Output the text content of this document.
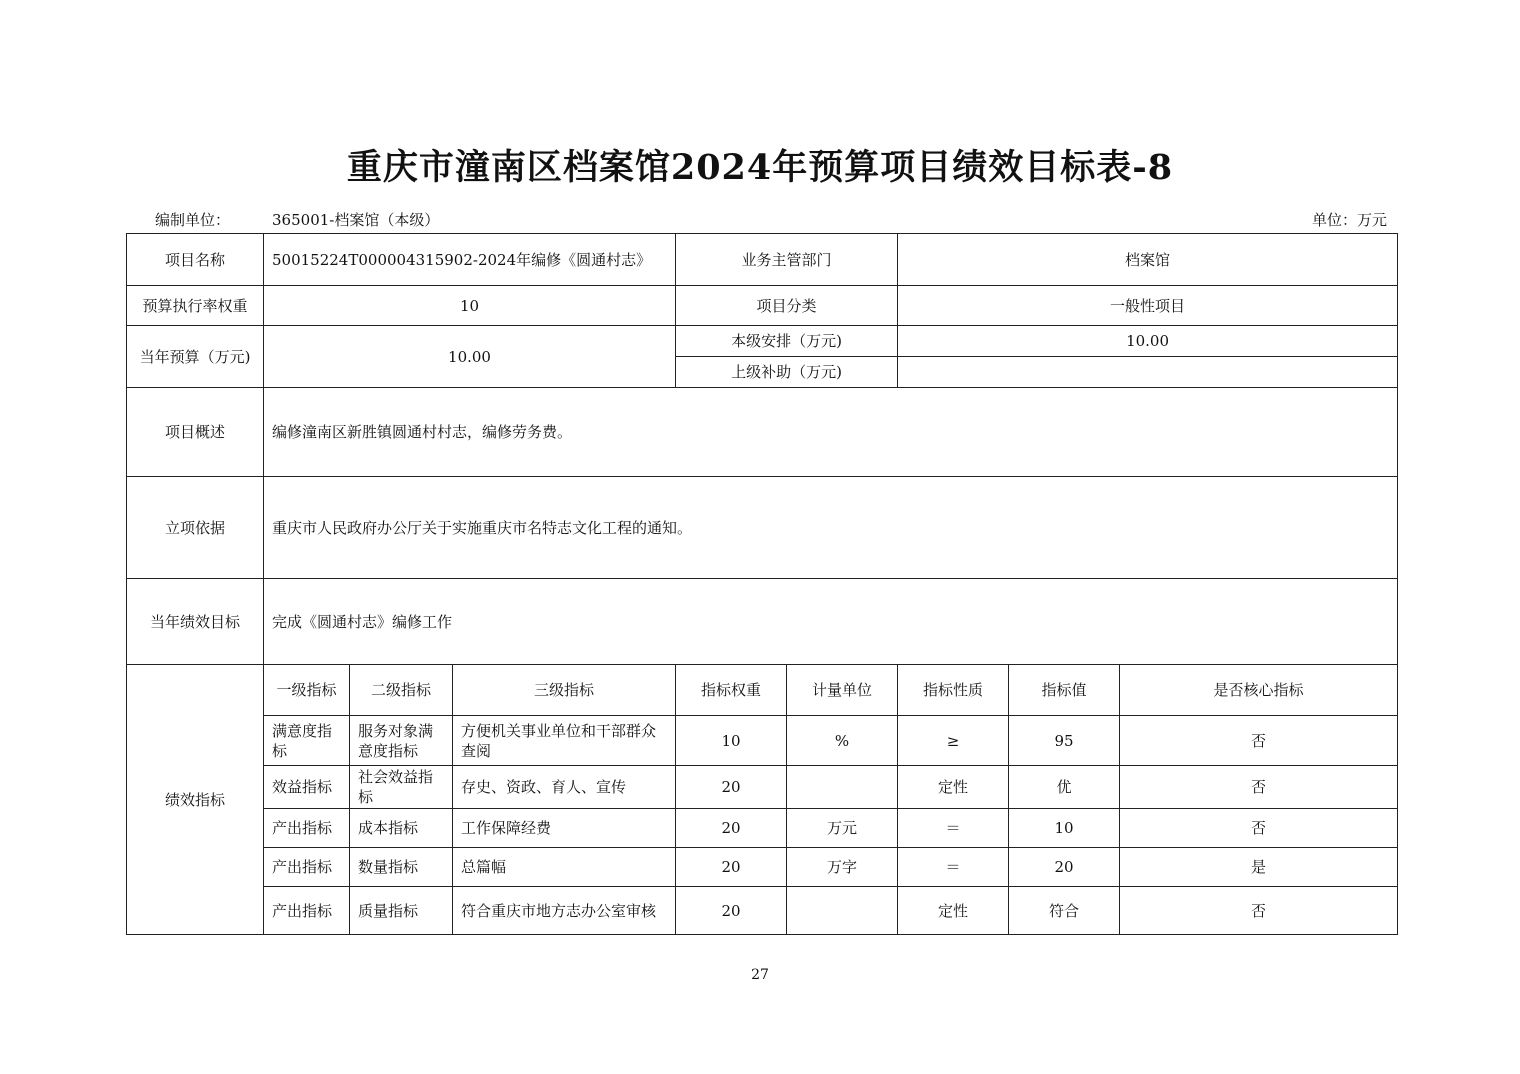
重庆市潼南区档案馆2024年预算项目绩效目标表-8
编制单位：	365001-档案馆（本级）	单位：万元
项目名称	50015224T000004315902-2024年编修《圆通村志》			业务主管部门		档案馆		
预算执行率权重	10			项目分类		一般性项目		
当年预算（万元)	10.00			本级安排（万元)		10.00		
				上级补助（万元)				
项目概述	编修潼南区新胜镇圆通村村志，编修劳务费。							
立项依据	重庆市人民政府办公厅关于实施重庆市名特志文化工程的通知。							
当年绩效目标	完成《圆通村志》编修工作							
绩效指标	一级指标	二级指标	三级指标	指标权重	计量单位	指标性质	指标值	是否核心指标
	满意度指标	服务对象满意度指标	方便机关事业单位和干部群众查阅	10	%	≥	95	否
	效益指标	社会效益指标	存史、资政、育人、宣传	20		定性	优	否
	产出指标	成本指标	工作保障经费	20	万元	＝	10	否
	产出指标	数量指标	总篇幅	20	万字	＝	20	是
	产出指标	质量指标	符合重庆市地方志办公室审核	20		定性	符合	否
27
